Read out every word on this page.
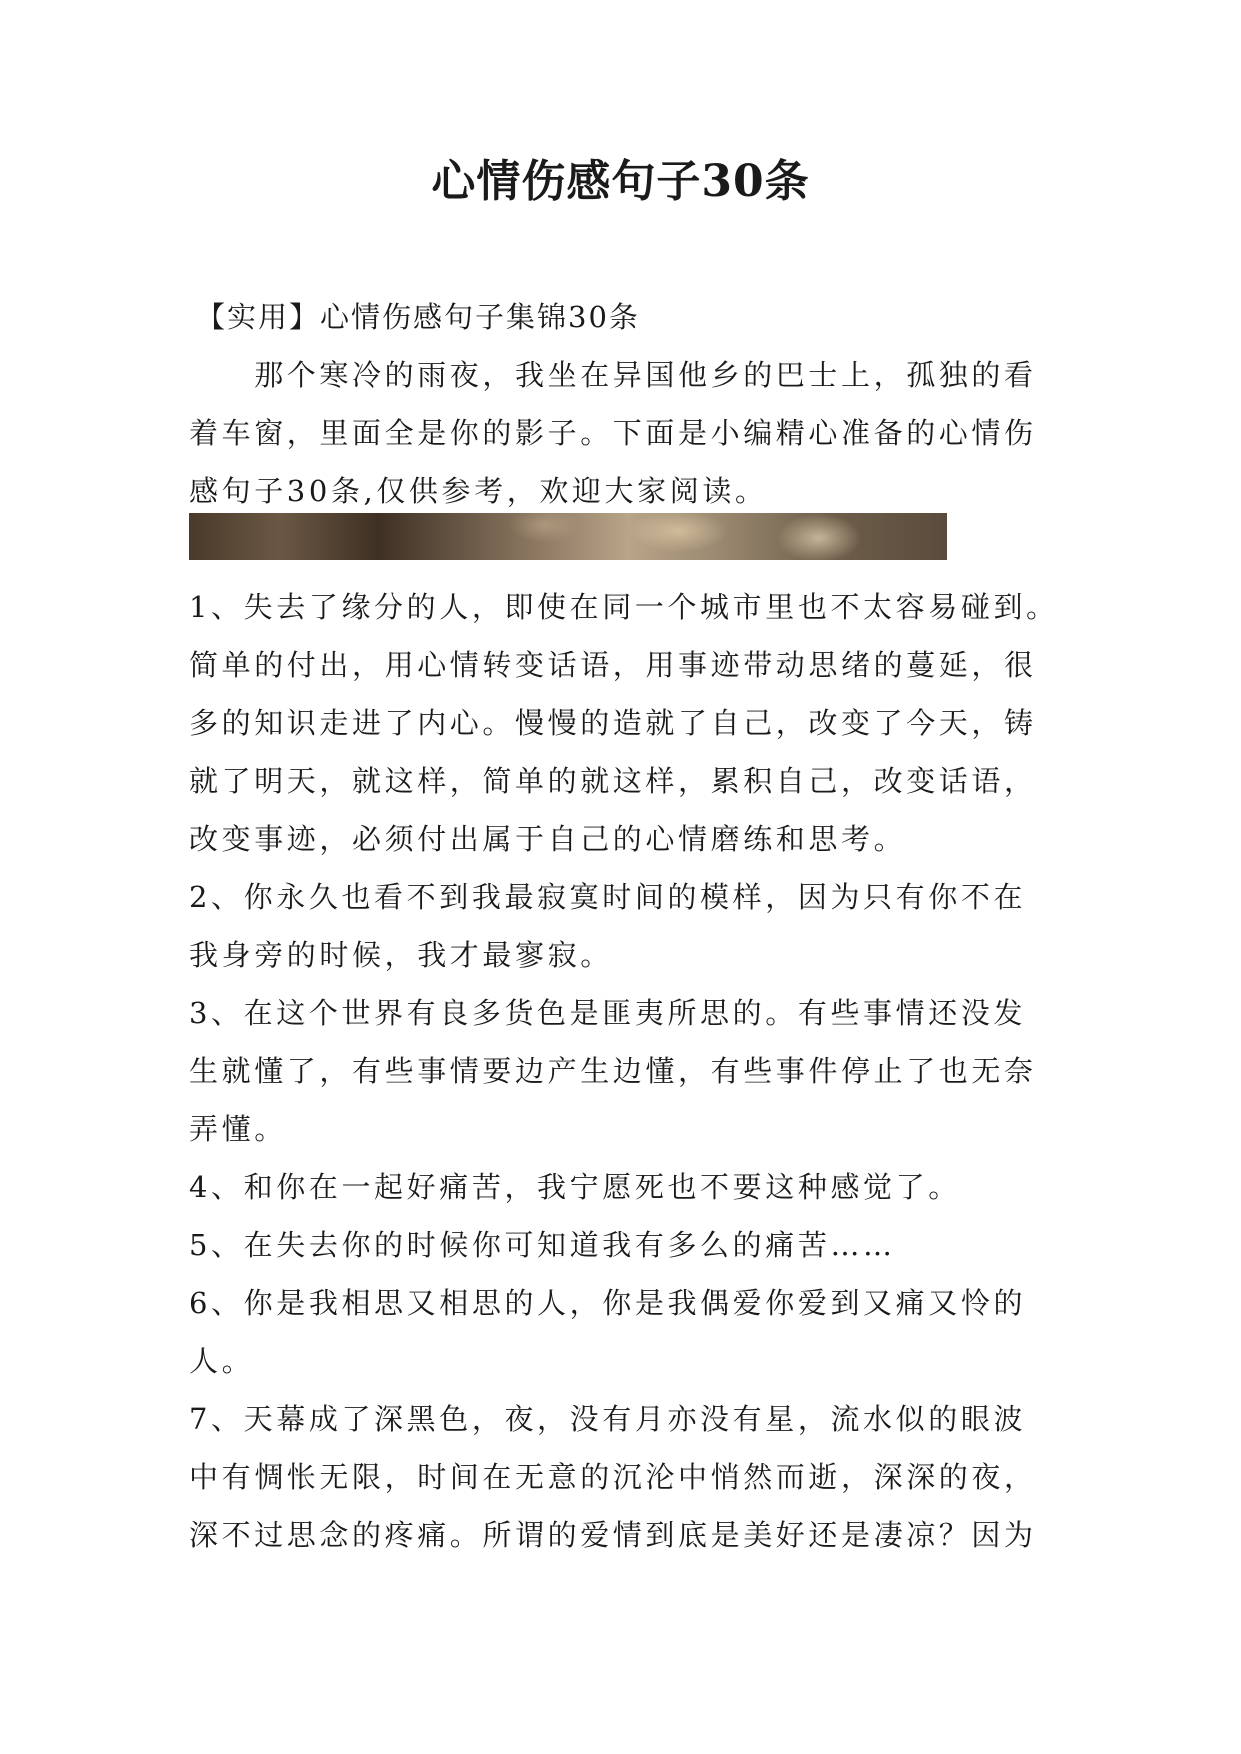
心情伤感句子30条
【实用】心情伤感句子集锦30条

　　那个寒冷的雨夜，我坐在异国他乡的巴士上，孤独的看

着车窗，里面全是你的影子。下面是小编精心准备的心情伤

感句子30条,仅供参考，欢迎大家阅读。

1、失去了缘分的人，即使在同一个城市里也不太容易碰到。

简单的付出，用心情转变话语，用事迹带动思绪的蔓延，很

多的知识走进了内心。慢慢的造就了自己，改变了今天，铸

就了明天，就这样，简单的就这样，累积自己，改变话语，

改变事迹，必须付出属于自己的心情磨练和思考。

2、你永久也看不到我最寂寞时间的模样，因为只有你不在

我身旁的时候，我才最寥寂。

3、在这个世界有良多货色是匪夷所思的。有些事情还没发

生就懂了，有些事情要边产生边懂，有些事件停止了也无奈

弄懂。

4、和你在一起好痛苦，我宁愿死也不要这种感觉了。

5、在失去你的时候你可知道我有多么的痛苦……

6、你是我相思又相思的人，你是我偶爱你爱到又痛又怜的

人。

7、天幕成了深黑色，夜，没有月亦没有星，流水似的眼波

中有惆怅无限，时间在无意的沉沦中悄然而逝，深深的夜，

深不过思念的疼痛。所谓的爱情到底是美好还是凄凉？因为
